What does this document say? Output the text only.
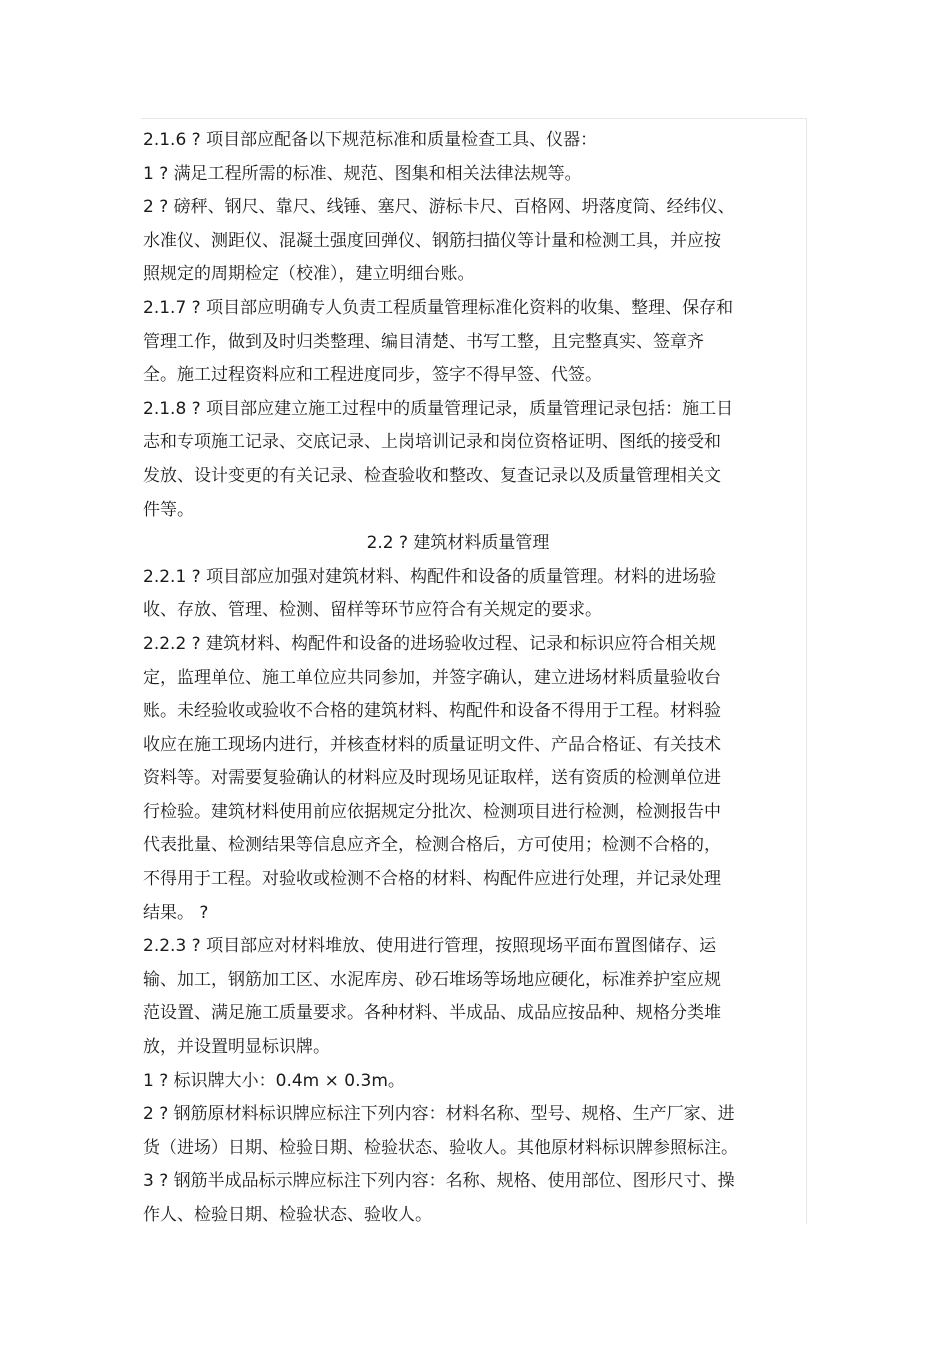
2.1.6 ? 项目部应配备以下规范标准和质量检查工具、仪器：
1 ? 满足工程所需的标准、规范、图集和相关法律法规等。
2 ? 磅秤、钢尺、靠尺、线锤、塞尺、游标卡尺、百格网、坍落度筒、经纬仪、
水准仪、测距仪、混凝土强度回弹仪、钢筋扫描仪等计量和检测工具，并应按
照规定的周期检定（校准），建立明细台账。
2.1.7 ? 项目部应明确专人负责工程质量管理标准化资料的收集、整理、保存和
管理工作，做到及时归类整理、编目清楚、书写工整，且完整真实、签章齐
全。施工过程资料应和工程进度同步，签字不得早签、代签。
2.1.8 ? 项目部应建立施工过程中的质量管理记录，质量管理记录包括：施工日
志和专项施工记录、交底记录、上岗培训记录和岗位资格证明、图纸的接受和
发放、设计变更的有关记录、检查验收和整改、复查记录以及质量管理相关文
件等。
2.2 ? 建筑材料质量管理
2.2.1 ? 项目部应加强对建筑材料、构配件和设备的质量管理。材料的进场验
收、存放、管理、检测、留样等环节应符合有关规定的要求。
2.2.2 ? 建筑材料、构配件和设备的进场验收过程、记录和标识应符合相关规
定，监理单位、施工单位应共同参加，并签字确认，建立进场材料质量验收台
账。未经验收或验收不合格的建筑材料、构配件和设备不得用于工程。材料验
收应在施工现场内进行，并核查材料的质量证明文件、产品合格证、有关技术
资料等。对需要复验确认的材料应及时现场见证取样，送有资质的检测单位进
行检验。建筑材料使用前应依据规定分批次、检测项目进行检测，检测报告中
代表批量、检测结果等信息应齐全，检测合格后，方可使用；检测不合格的，
不得用于工程。对验收或检测不合格的材料、构配件应进行处理，并记录处理
结果。 ?
2.2.3 ? 项目部应对材料堆放、使用进行管理，按照现场平面布置图储存、运
输、加工，钢筋加工区、水泥库房、砂石堆场等场地应硬化，标准养护室应规
范设置、满足施工质量要求。各种材料、半成品、成品应按品种、规格分类堆
放，并设置明显标识牌。
1 ? 标识牌大小：0.4m × 0.3m。
2 ? 钢筋原材料标识牌应标注下列内容：材料名称、型号、规格、生产厂家、进
货（进场）日期、检验日期、检验状态、验收人。其他原材料标识牌参照标注。
3 ? 钢筋半成品标示牌应标注下列内容：名称、规格、使用部位、图形尺寸、操
作人、检验日期、检验状态、验收人。
